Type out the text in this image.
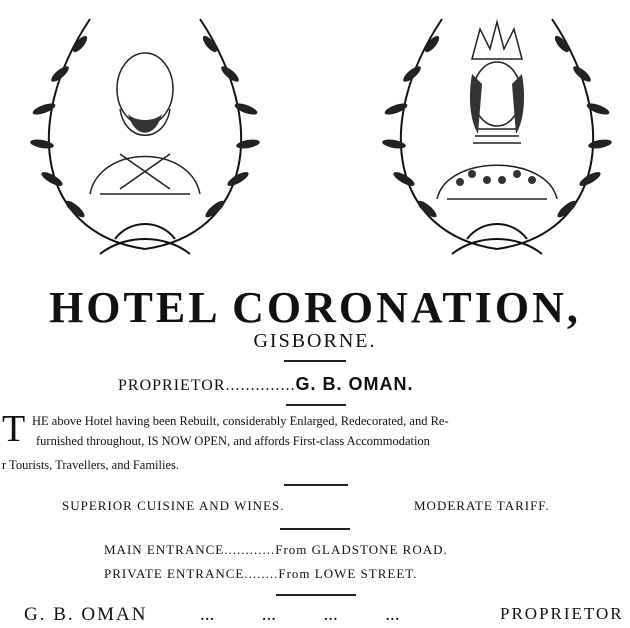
HOTEL CORONATION,
GISBORNE.
PROPRIETOR..............G. B. OMAN.
T HE above Hotel having been Rebuilt, considerably Enlarged, Redecorated, and Re-
furnished throughout, IS NOW OPEN, and affords First-class Accommodation
r Tourists, Travellers, and Families.
SUPERIOR CUISINE AND WINES.	MODERATE TARIFF.
MAIN ENTRANCE............From GLADSTONE ROAD.
PRIVATE ENTRANCE........From LOWE STREET.
G. B. OMAN	...          ...          ...          ...	PROPRIETOR
